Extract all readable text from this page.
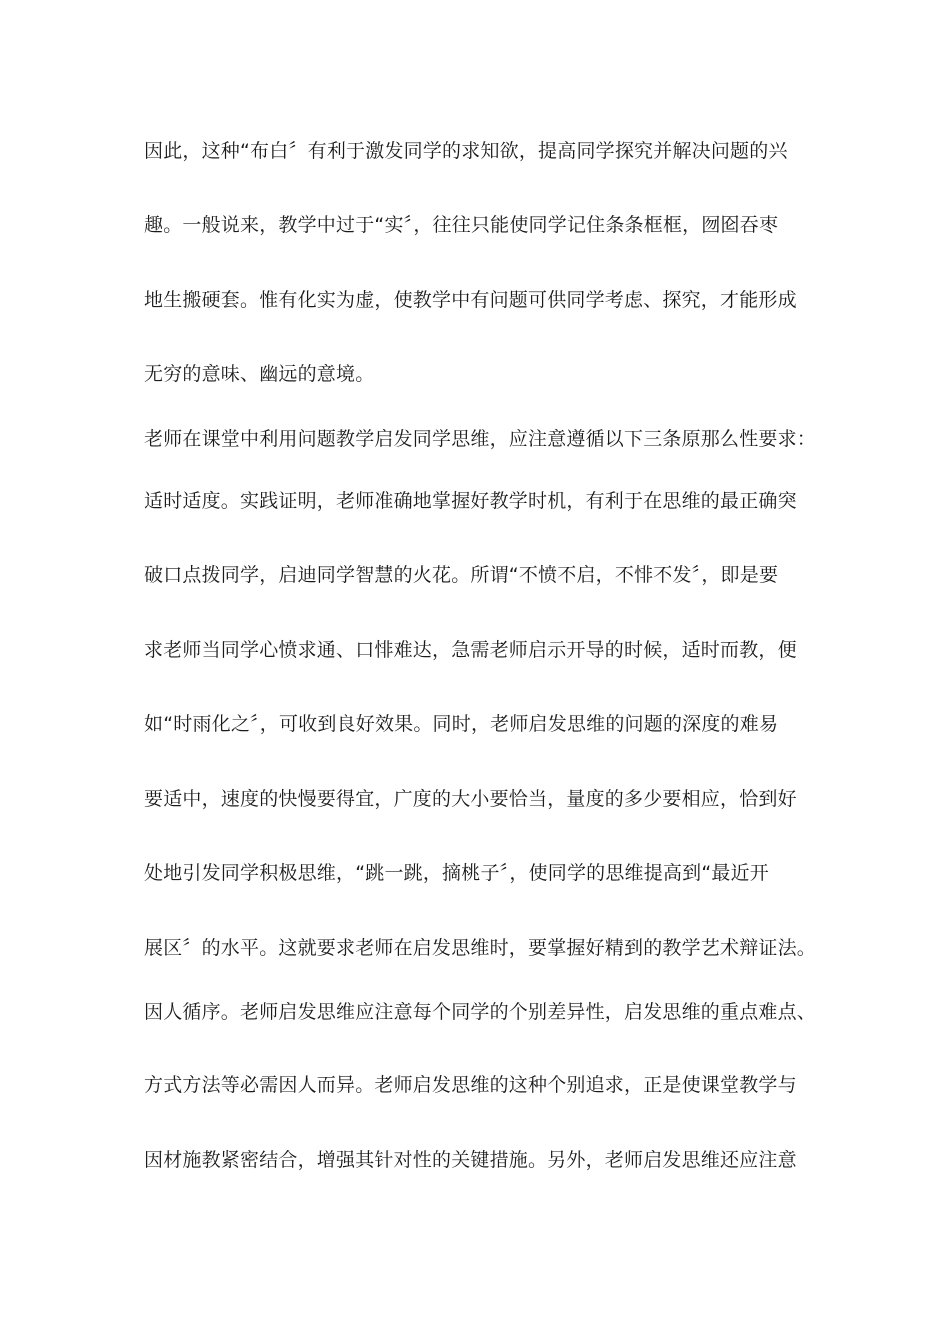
因此，这种“布白〞有利于激发同学的求知欲，提高同学探究并解决问题的兴
趣。一般说来，教学中过于“实〞，往往只能使同学记住条条框框，囫囵吞枣
地生搬硬套。惟有化实为虚，使教学中有问题可供同学考虑、探究，才能形成
无穷的意味、幽远的意境。
老师在课堂中利用问题教学启发同学思维，应注意遵循以下三条原那么性要求：
适时适度。实践证明，老师准确地掌握好教学时机，有利于在思维的最正确突
破口点拨同学，启迪同学智慧的火花。所谓“不愤不启，不悱不发〞，即是要
求老师当同学心愤求通、口悱难达，急需老师启示开导的时候，适时而教，便
如“时雨化之〞，可收到良好效果。同时，老师启发思维的问题的深度的难易
要适中，速度的快慢要得宜，广度的大小要恰当，量度的多少要相应，恰到好
处地引发同学积极思维，“跳一跳，摘桃子〞，使同学的思维提高到“最近开
展区〞的水平。这就要求老师在启发思维时，要掌握好精到的教学艺术辩证法。
因人循序。老师启发思维应注意每个同学的个别差异性，启发思维的重点难点、
方式方法等必需因人而异。老师启发思维的这种个别追求，正是使课堂教学与
因材施教紧密结合，增强其针对性的关键措施。另外，老师启发思维还应注意
